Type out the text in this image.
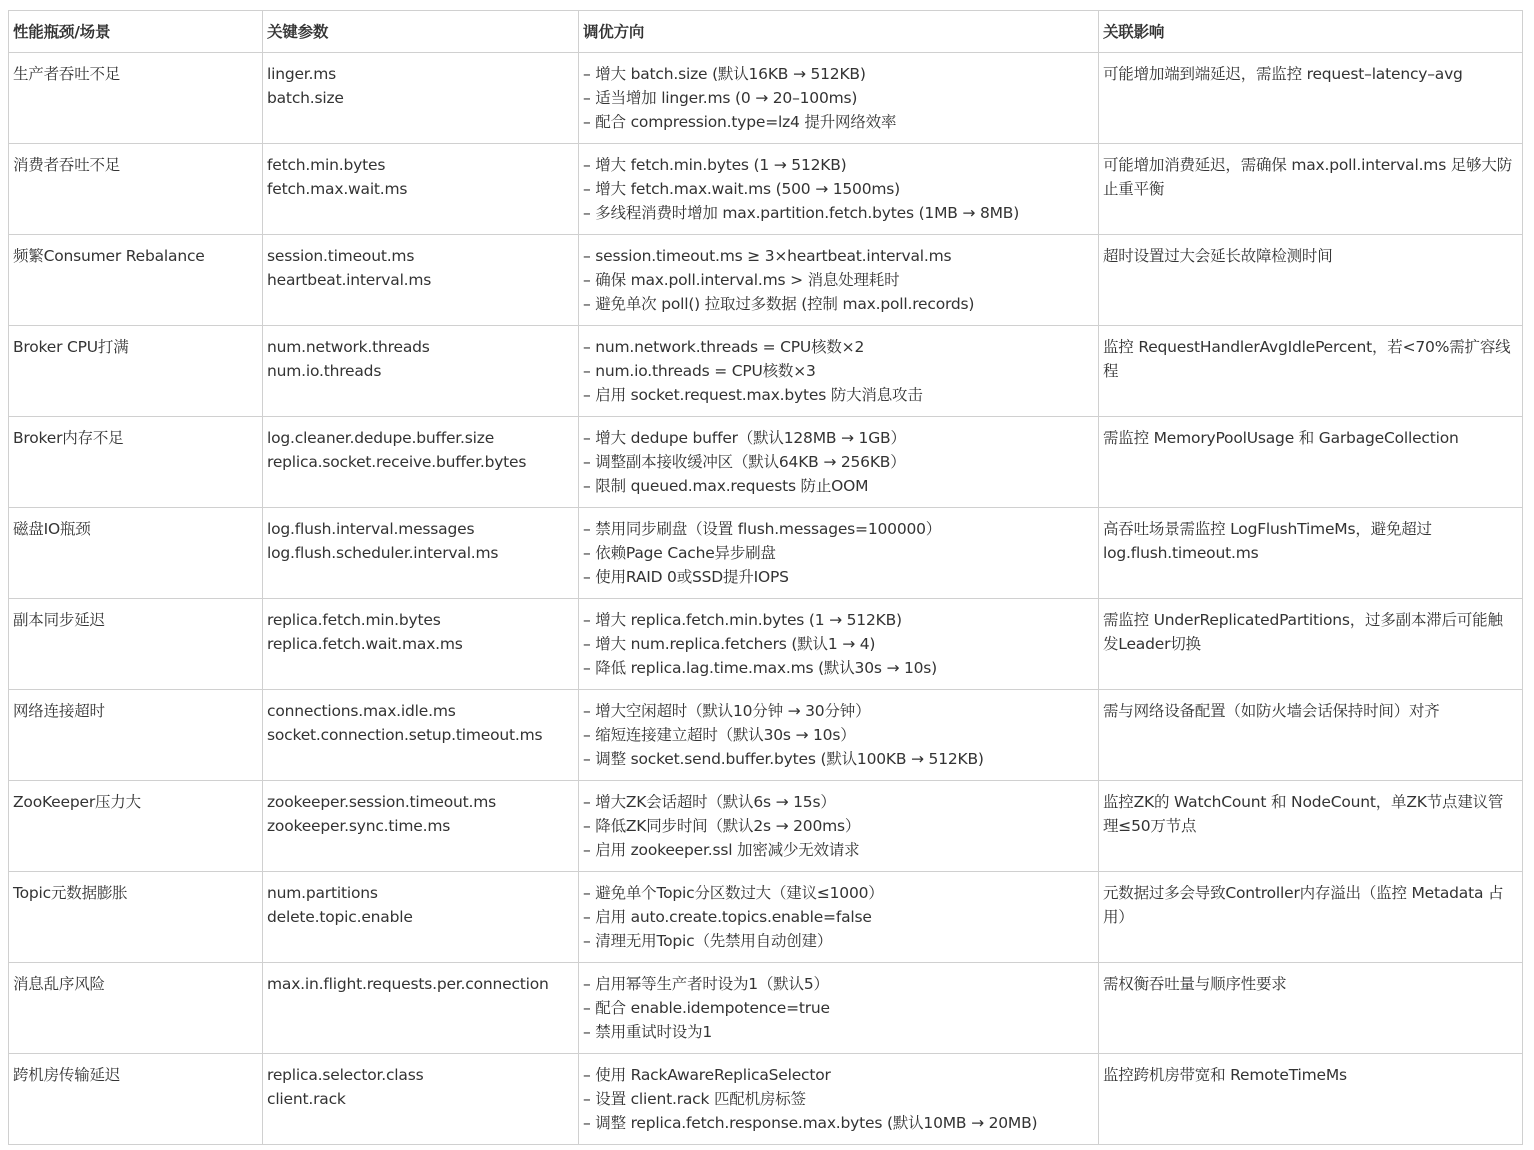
性能瓶颈/场景	关键参数	调优方向	关联影响
生产者吞吐不足	linger.ms
batch.size	– 增大 batch.size (默认16KB → 512KB)
– 适当增加 linger.ms (0 → 20–100ms)
– 配合 compression.type=lz4 提升网络效率	可能增加端到端延迟，需监控 request–latency–avg
消费者吞吐不足	fetch.min.bytes
fetch.max.wait.ms	– 增大 fetch.min.bytes (1 → 512KB)
– 增大 fetch.max.wait.ms (500 → 1500ms)
– 多线程消费时增加 max.partition.fetch.bytes (1MB → 8MB)	可能增加消费延迟，需确保 max.poll.interval.ms 足够大防止重平衡
频繁Consumer Rebalance	session.timeout.ms
heartbeat.interval.ms	– session.timeout.ms ≥ 3×heartbeat.interval.ms
– 确保 max.poll.interval.ms > 消息处理耗时
– 避免单次 poll() 拉取过多数据 (控制 max.poll.records)	超时设置过大会延长故障检测时间
Broker CPU打满	num.network.threads
num.io.threads	– num.network.threads = CPU核数×2
– num.io.threads = CPU核数×3
– 启用 socket.request.max.bytes 防大消息攻击	监控 RequestHandlerAvgIdlePercent，若<70%需扩容线程
Broker内存不足	log.cleaner.dedupe.buffer.size
replica.socket.receive.buffer.bytes	– 增大 dedupe buffer（默认128MB → 1GB）
– 调整副本接收缓冲区（默认64KB → 256KB）
– 限制 queued.max.requests 防止OOM	需监控 MemoryPoolUsage 和 GarbageCollection
磁盘IO瓶颈	log.flush.interval.messages
log.flush.scheduler.interval.ms	– 禁用同步刷盘（设置 flush.messages=100000）
– 依赖Page Cache异步刷盘
– 使用RAID 0或SSD提升IOPS	高吞吐场景需监控 LogFlushTimeMs，避免超过log.flush.timeout.ms
副本同步延迟	replica.fetch.min.bytes
replica.fetch.wait.max.ms	– 增大 replica.fetch.min.bytes (1 → 512KB)
– 增大 num.replica.fetchers (默认1 → 4)
– 降低 replica.lag.time.max.ms (默认30s → 10s)	需监控 UnderReplicatedPartitions，过多副本滞后可能触发Leader切换
网络连接超时	connections.max.idle.ms
socket.connection.setup.timeout.ms	– 增大空闲超时（默认10分钟 → 30分钟）
– 缩短连接建立超时（默认30s → 10s）
– 调整 socket.send.buffer.bytes (默认100KB → 512KB)	需与网络设备配置（如防火墙会话保持时间）对齐
ZooKeeper压力大	zookeeper.session.timeout.ms
zookeeper.sync.time.ms	– 增大ZK会话超时（默认6s → 15s）
– 降低ZK同步时间（默认2s → 200ms）
– 启用 zookeeper.ssl 加密减少无效请求	监控ZK的 WatchCount 和 NodeCount，单ZK节点建议管理≤50万节点
Topic元数据膨胀	num.partitions
delete.topic.enable	– 避免单个Topic分区数过大（建议≤1000）
– 启用 auto.create.topics.enable=false
– 清理无用Topic（先禁用自动创建）	元数据过多会导致Controller内存溢出（监控 Metadata 占用）
消息乱序风险	max.in.flight.requests.per.connection	– 启用幂等生产者时设为1（默认5）
– 配合 enable.idempotence=true
– 禁用重试时设为1	需权衡吞吐量与顺序性要求
跨机房传输延迟	replica.selector.class
client.rack	– 使用 RackAwareReplicaSelector
– 设置 client.rack 匹配机房标签
– 调整 replica.fetch.response.max.bytes (默认10MB → 20MB)	监控跨机房带宽和 RemoteTimeMs
